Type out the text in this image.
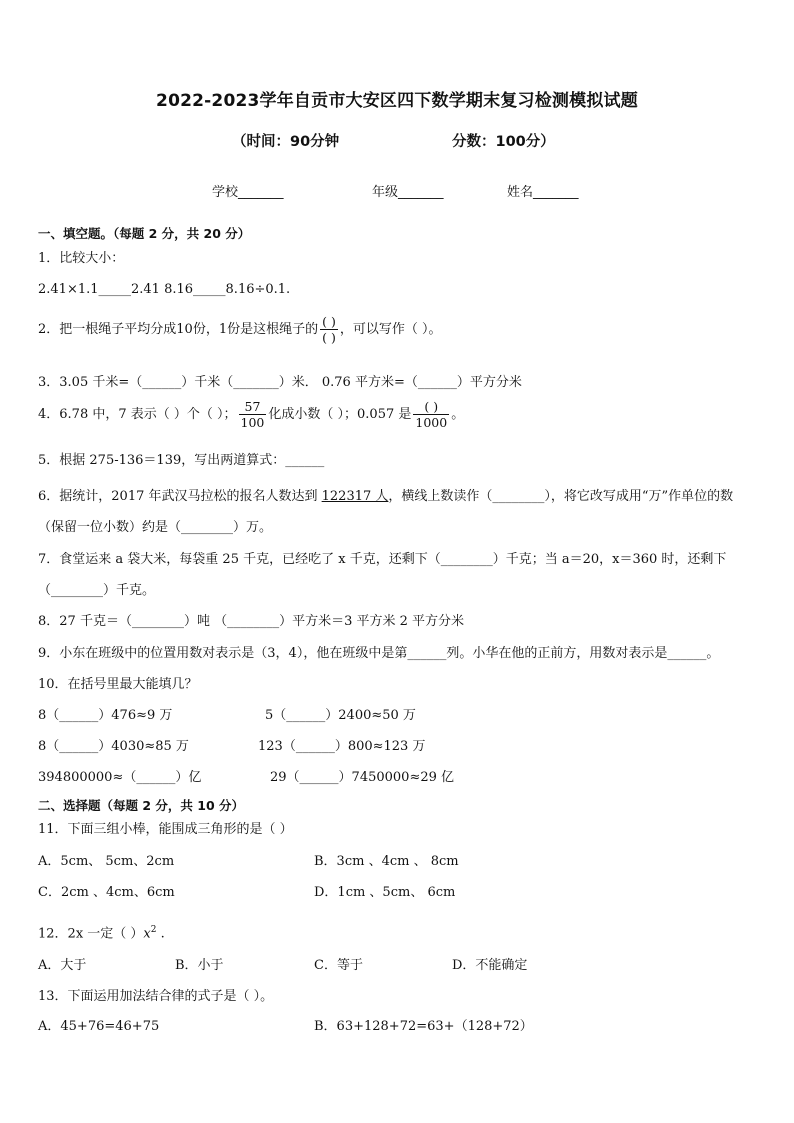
2022-2023学年自贡市大安区四下数学期末复习检测模拟试题
（时间：90分钟	分数：100分）
学校_______	年级_______	姓名_______
一、填空题。（每题 2 分，共 20 分）
1．比较大小：
2.41×1.1_____2.41 8.16_____8.16÷0.1.
2．把一根绳子平均分成10份，1份是这根绳子的 $\frac{( )}{( )}$ ，可以写作（ ）。
3．3.05 千米=（______）千米（_______）米． 0.76 平方米=（______）平方分米
4．6.78 中，7 表示（ ）个（ ）； $\frac{57}{100}$ 化成小数（ ）；0.057 是 $\frac{( )}{1000}$ 。
5．根据 275-136＝139，写出两道算式：______
6．据统计，2017 年武汉马拉松的报名人数达到 122317 人，横线上数读作（________），将它改写成用“万”作单位的数
（保留一位小数）约是（________）万。
7．食堂运来 a 袋大米，每袋重 25 千克，已经吃了 x 千克，还剩下（________）千克；当 a＝20，x＝360 时，还剩下
（________）千克。
8．27 千克＝（________）吨 （________）平方米＝3 平方米 2 平方分米
9．小东在班级中的位置用数对表示是（3，4），他在班级中是第______列。小华在他的正前方，用数对表示是______。
10．在括号里最大能填几？
8（______）476≈9 万	5（______）2400≈50 万
8（______）4030≈85 万	123（______）800≈123 万
394800000≈（______）亿	29（______）7450000≈29 亿
二、选择题（每题 2 分，共 10 分）
11．下面三组小棒，能围成三角形的是（ ）
A．5cm、 5cm、2cm	B．3cm 、4cm 、 8cm
C．2cm 、4cm、6cm	D．1cm 、5cm、 6cm
12．2x 一定（ ）$x^2$ .
A．大于	B．小于	C．等于	D．不能确定
13．下面运用加法结合律的式子是（ ）。
A．45+76=46+75	B．63+128+72=63+（128+72）
